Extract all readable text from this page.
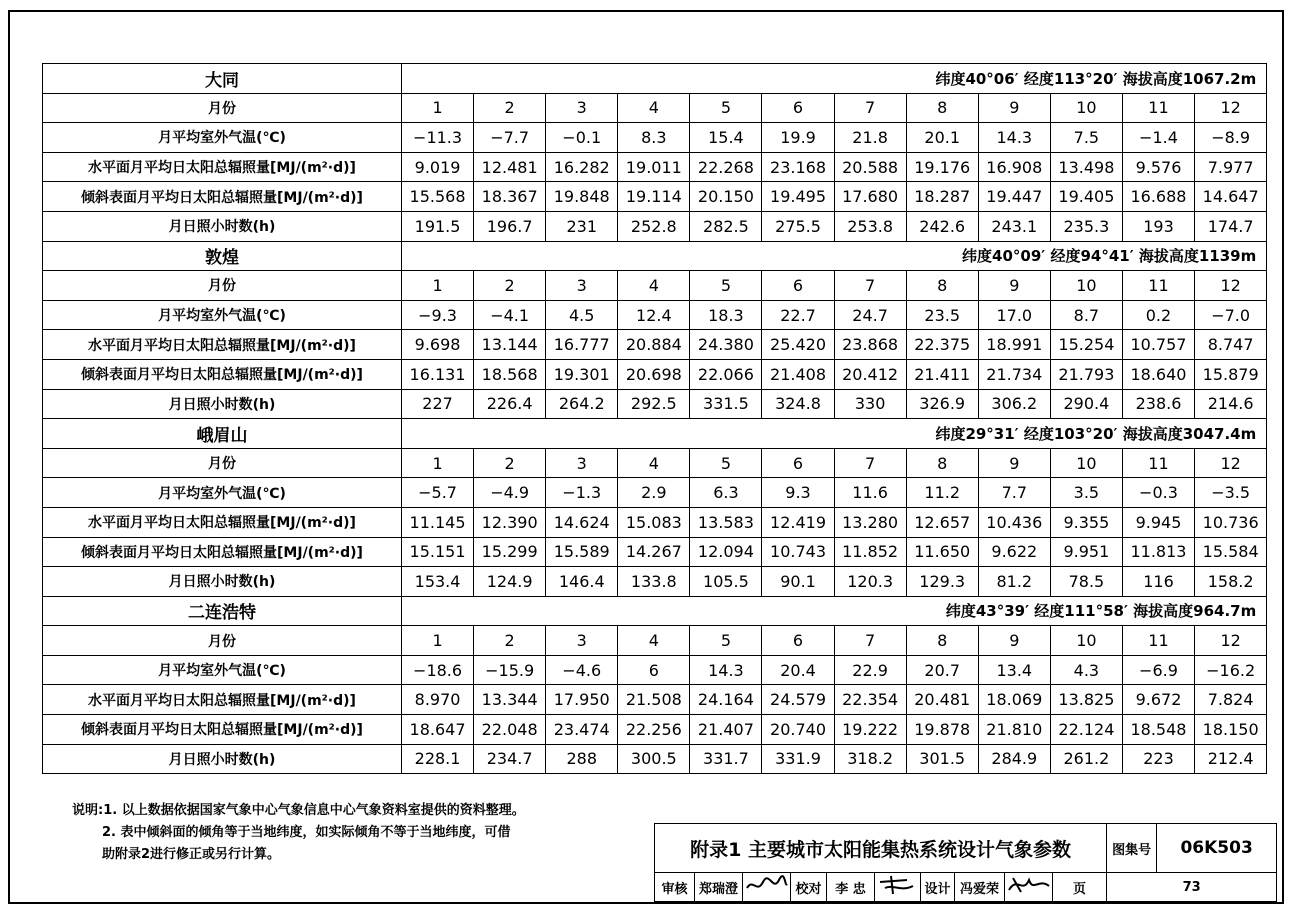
大同	纬度40°06′ 经度113°20′ 海拔高度1067.2m											
月份	1	2	3	4	5	6	7	8	9	10	11	12
月平均室外气温(℃)	−11.3	−7.7	−0.1	8.3	15.4	19.9	21.8	20.1	14.3	7.5	−1.4	−8.9
水平面月平均日太阳总辐照量[MJ/(m²·d)]	9.019	12.481	16.282	19.011	22.268	23.168	20.588	19.176	16.908	13.498	9.576	7.977
倾斜表面月平均日太阳总辐照量[MJ/(m²·d)]	15.568	18.367	19.848	19.114	20.150	19.495	17.680	18.287	19.447	19.405	16.688	14.647
月日照小时数(h)	191.5	196.7	231	252.8	282.5	275.5	253.8	242.6	243.1	235.3	193	174.7
敦煌	纬度40°09′ 经度94°41′ 海拔高度1139m											
月份	1	2	3	4	5	6	7	8	9	10	11	12
月平均室外气温(℃)	−9.3	−4.1	4.5	12.4	18.3	22.7	24.7	23.5	17.0	8.7	0.2	−7.0
水平面月平均日太阳总辐照量[MJ/(m²·d)]	9.698	13.144	16.777	20.884	24.380	25.420	23.868	22.375	18.991	15.254	10.757	8.747
倾斜表面月平均日太阳总辐照量[MJ/(m²·d)]	16.131	18.568	19.301	20.698	22.066	21.408	20.412	21.411	21.734	21.793	18.640	15.879
月日照小时数(h)	227	226.4	264.2	292.5	331.5	324.8	330	326.9	306.2	290.4	238.6	214.6
峨眉山	纬度29°31′ 经度103°20′ 海拔高度3047.4m											
月份	1	2	3	4	5	6	7	8	9	10	11	12
月平均室外气温(℃)	−5.7	−4.9	−1.3	2.9	6.3	9.3	11.6	11.2	7.7	3.5	−0.3	−3.5
水平面月平均日太阳总辐照量[MJ/(m²·d)]	11.145	12.390	14.624	15.083	13.583	12.419	13.280	12.657	10.436	9.355	9.945	10.736
倾斜表面月平均日太阳总辐照量[MJ/(m²·d)]	15.151	15.299	15.589	14.267	12.094	10.743	11.852	11.650	9.622	9.951	11.813	15.584
月日照小时数(h)	153.4	124.9	146.4	133.8	105.5	90.1	120.3	129.3	81.2	78.5	116	158.2
二连浩特	纬度43°39′ 经度111°58′ 海拔高度964.7m											
月份	1	2	3	4	5	6	7	8	9	10	11	12
月平均室外气温(℃)	−18.6	−15.9	−4.6	6	14.3	20.4	22.9	20.7	13.4	4.3	−6.9	−16.2
水平面月平均日太阳总辐照量[MJ/(m²·d)]	8.970	13.344	17.950	21.508	24.164	24.579	22.354	20.481	18.069	13.825	9.672	7.824
倾斜表面月平均日太阳总辐照量[MJ/(m²·d)]	18.647	22.048	23.474	22.256	21.407	20.740	19.222	19.878	21.810	22.124	18.548	18.150
月日照小时数(h)	228.1	234.7	288	300.5	331.7	331.9	318.2	301.5	284.9	261.2	223	212.4
说明:1. 以上数据依据国家气象中心气象信息中心气象资料室提供的资料整理。
2. 表中倾斜面的倾角等于当地纬度，如实际倾角不等于当地纬度，可借
助附录2进行修正或另行计算。	附录1 主要城市太阳能集热系统设计气象参数										图集号	06K503
审核	郑瑞澄		校对	李 忠		设计	冯爱荣		页	73	
